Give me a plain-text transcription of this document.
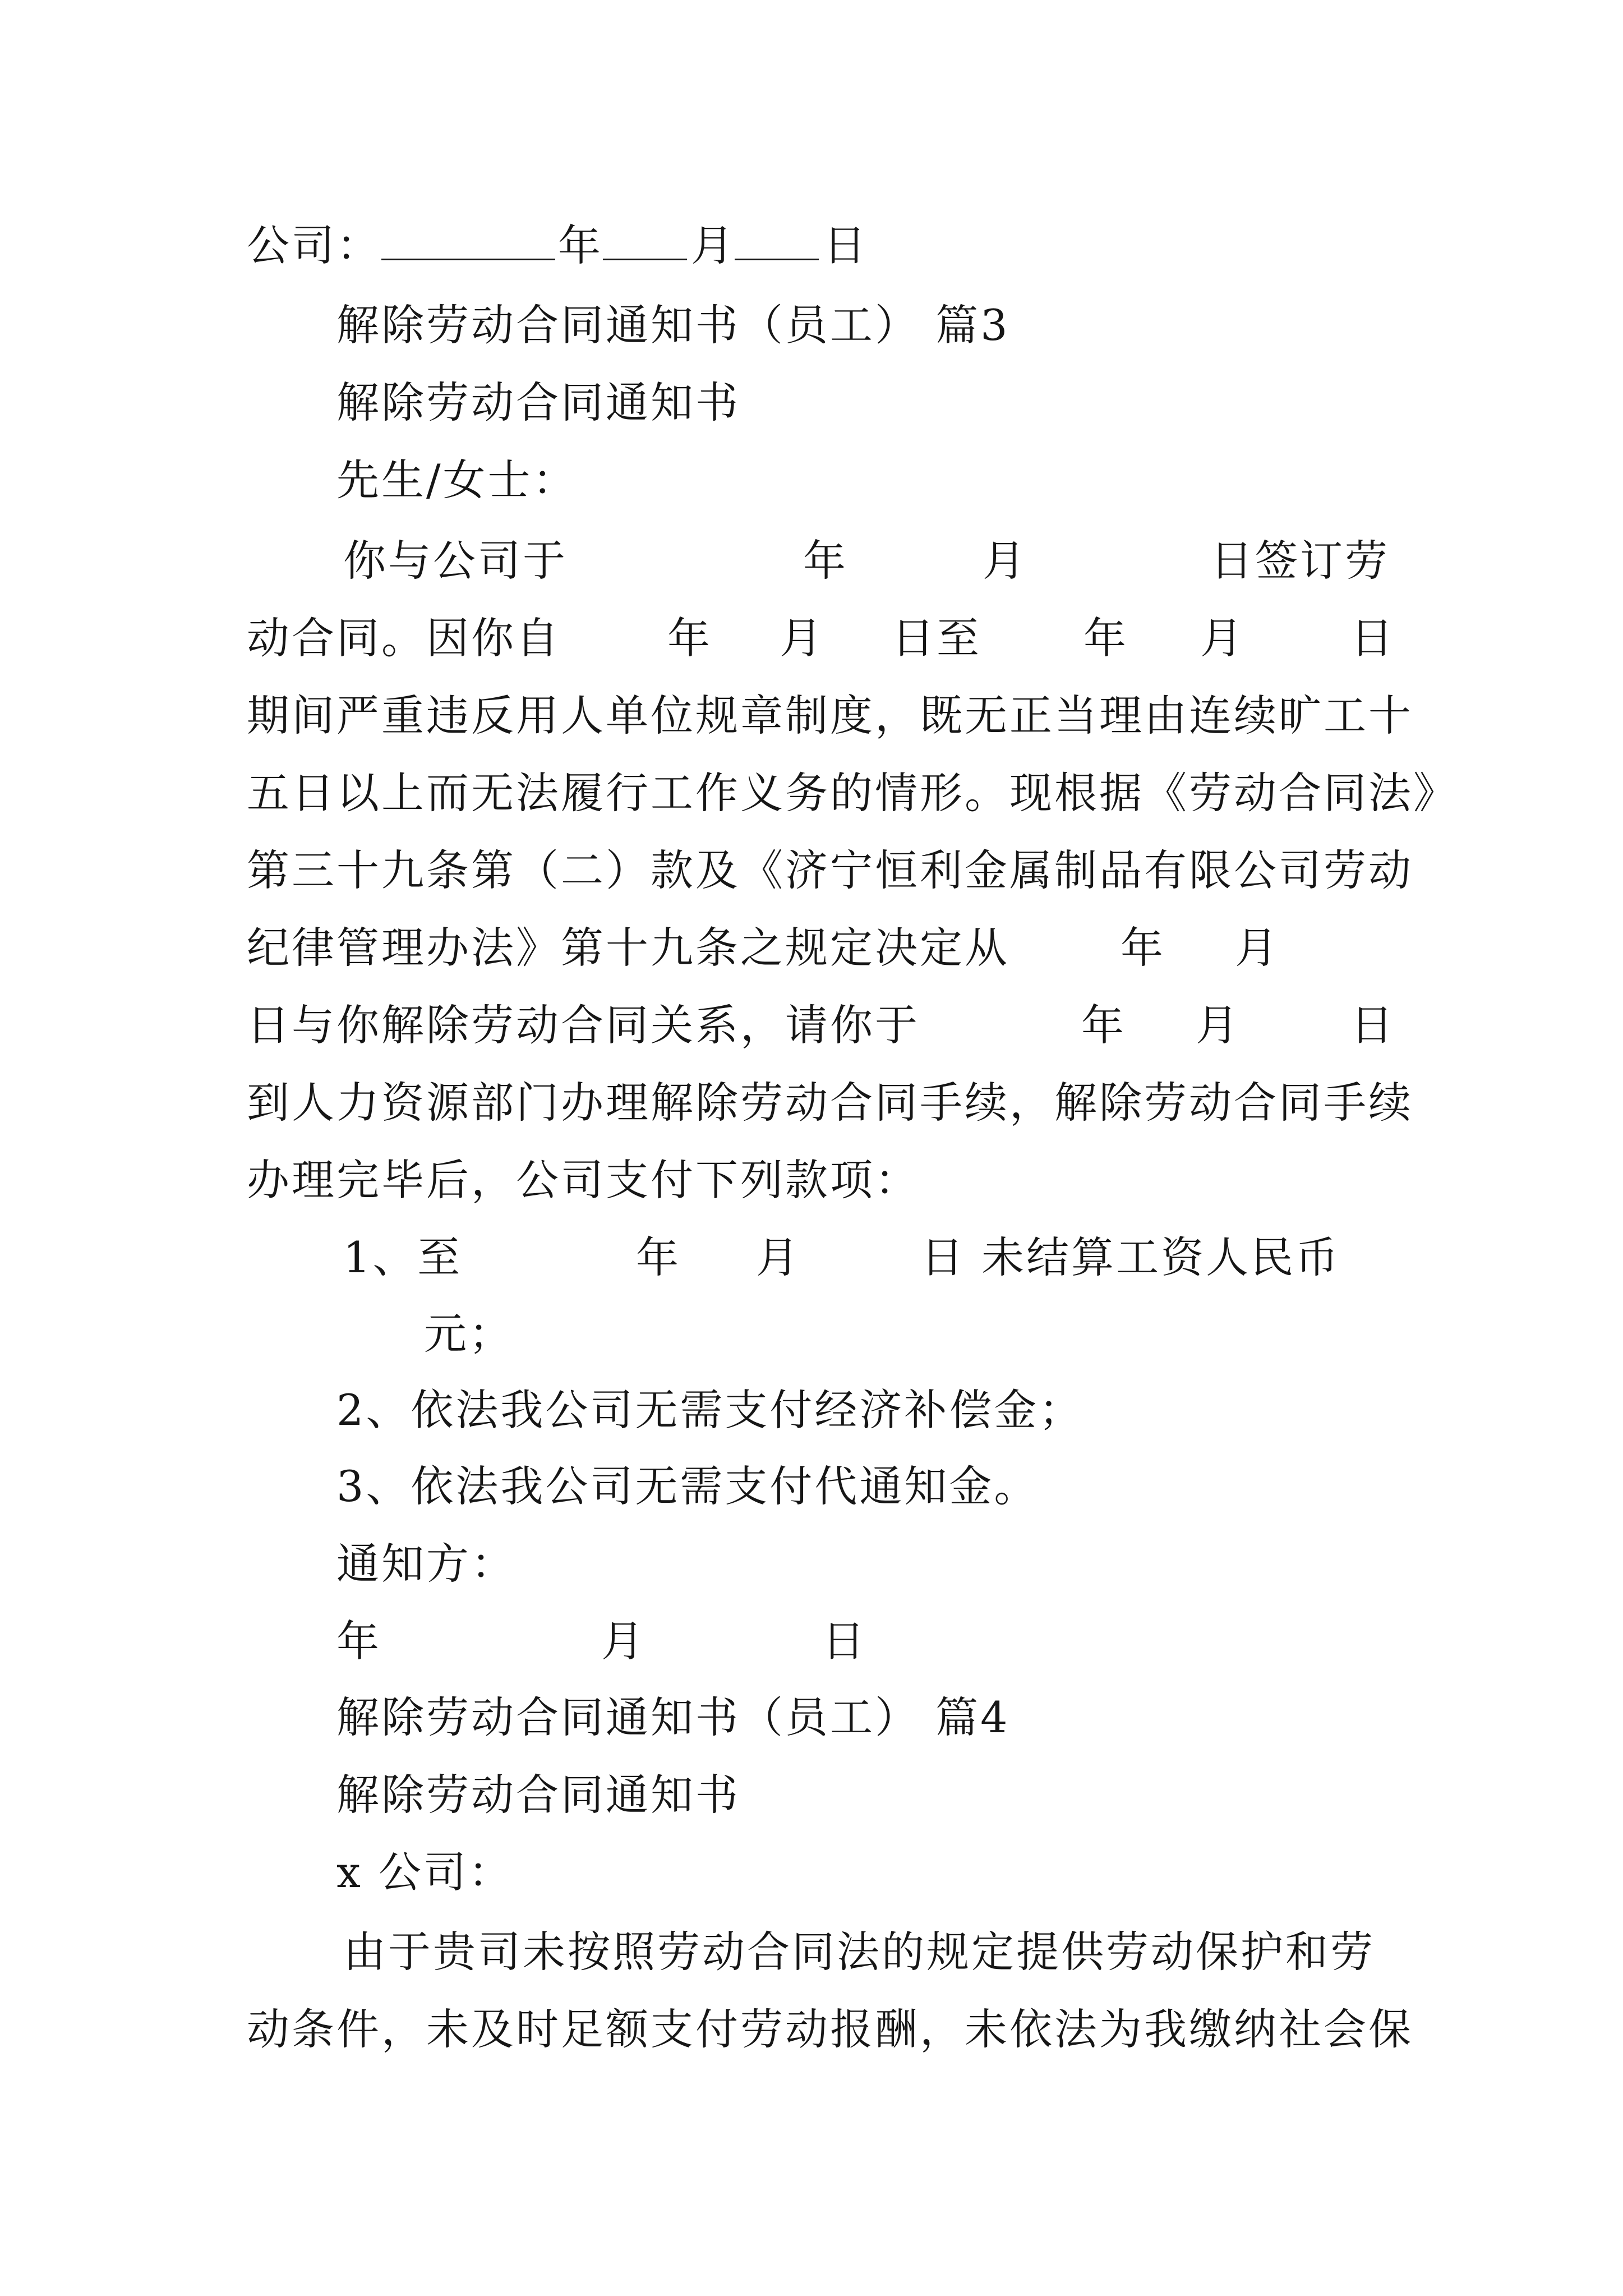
公司：

	年

月

日

解除劳动合同通知书（员工） 篇3

解除劳动合同通知书

先生/女士：

你与公司于

	年

	月

	日签订劳

动合同。因你自

	年

月

日至

年

月

日

期间严重违反用人单位规章制度，既无正当理由连续旷工十

五日以上而无法履行工作义务的情形。现根据《劳动合同法》

第三十九条第（二）款及《济宁恒利金属制品有限公司劳动

纪律管理办法》第十九条之规定决定从

	年

月

日与你解除劳动合同关系，请你于

	年

月

	日

到人力资源部门办理解除劳动合同手续，解除劳动合同手续

办理完毕后，公司支付下列款项：

1、至

	年

月

	日 未结算工资人民币

元；

2、依法我公司无需支付经济补偿金；

3、依法我公司无需支付代通知金。

通知方：

年

	月

	日

解除劳动合同通知书（员工） 篇4

解除劳动合同通知书

x 公司：

由于贵司未按照劳动合同法的规定提供劳动保护和劳

动条件，未及时足额支付劳动报酬，未依法为我缴纳社会保
